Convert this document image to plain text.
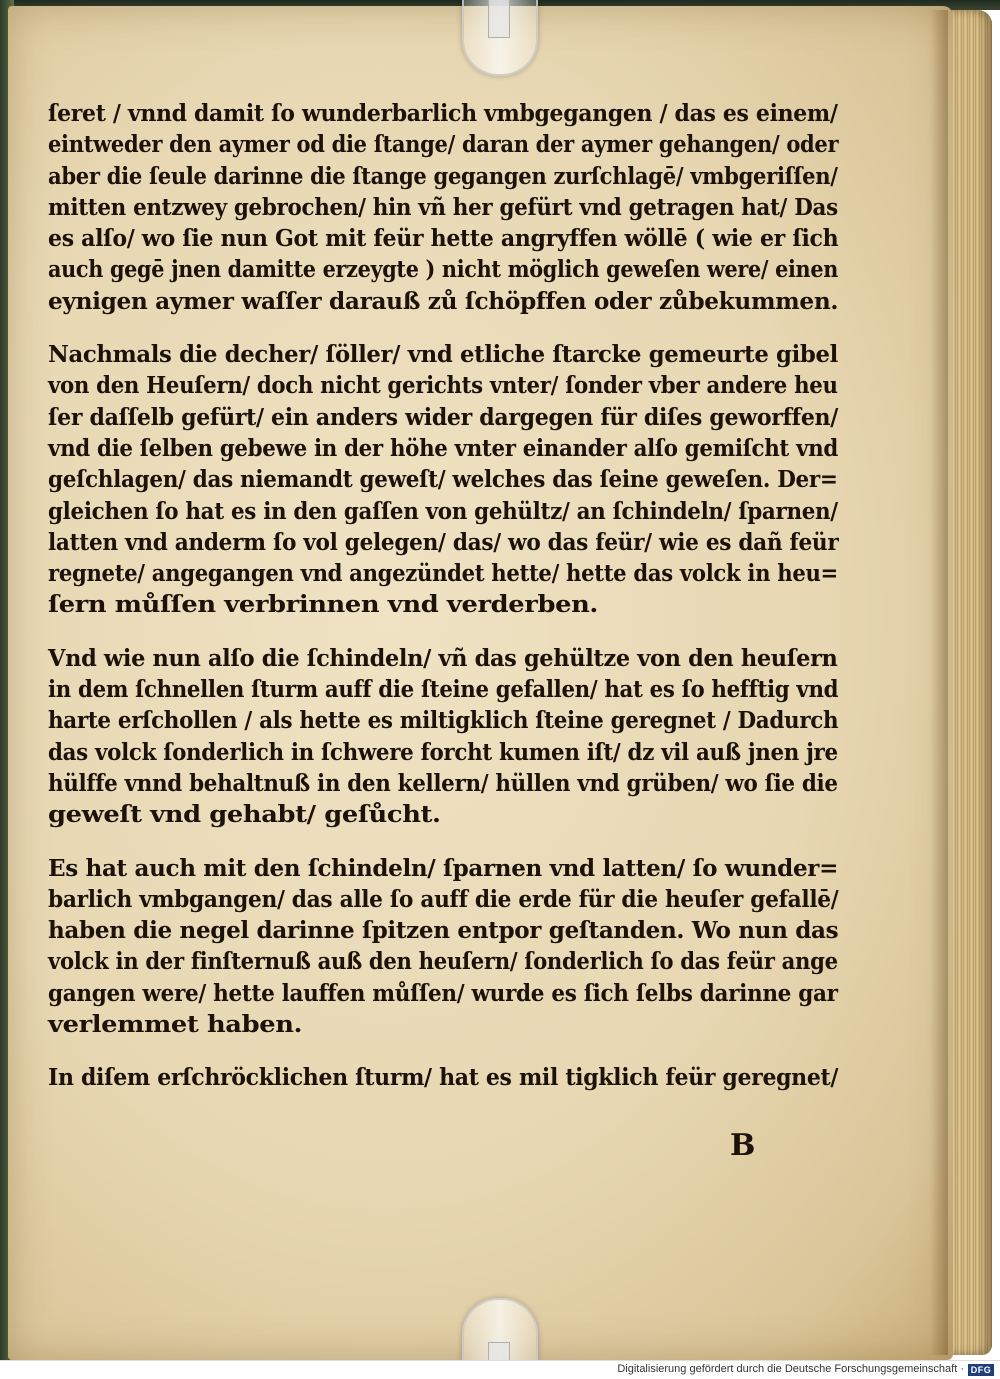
ſeret / vnnd damit ſo wunderbarlich vmbgegangen / das es einem/
eintweder den aymer od die ſtange/ daran der aymer gehangen/ oder
aber die ſeule darinne die ſtange gegangen zurſchlagē/ vmbgeriſſen/
mitten entzwey gebrochen/ hin vñ her gefürt vnd getragen hat/ Das
es alſo/ wo ſie nun Got mit feür hette angryffen wöllē ( wie er ſich
auch gegē jnen damitte erzeygte ) nicht möglich geweſen were/ einen
eynigen aymer waſſer darauß zů ſchöpffen oder zůbekummen.
Nachmals die decher/ ſöller/ vnd etliche ſtarcke gemeurte gibel
von den Heuſern/ doch nicht gerichts vnter/ ſonder vber andere heu
ſer daſſelb gefürt/ ein anders wider dargegen für diſes geworffen/
vnd die ſelben gebewe in der höhe vnter einander alſo gemiſcht vnd
geſchlagen/ das niemandt geweſt/ welches das ſeine geweſen. Der=
gleichen ſo hat es in den gaſſen von gehültz/ an ſchindeln/ ſparnen/
latten vnd anderm ſo vol gelegen/ das/ wo das feür/ wie es dañ feür
regnete/ angegangen vnd angezündet hette/ hette das volck in heu=
ſern můſſen verbrinnen vnd verderben.
Vnd wie nun alſo die ſchindeln/ vñ das gehültze von den heuſern
in dem ſchnellen ſturm auff die ſteine gefallen/ hat es ſo hefftig vnd
harte erſchollen / als hette es miltigklich ſteine geregnet / Dadurch
das volck ſonderlich in ſchwere forcht kumen iſt/ dz vil auß jnen jre
hülffe vnnd behaltnuß in den kellern/ hüllen vnd grüben/ wo ſie die
geweſt vnd gehabt/ geſůcht.
Es hat auch mit den ſchindeln/ ſparnen vnd latten/ ſo wunder=
barlich vmbgangen/ das alle ſo auff die erde für die heuſer gefallē/
haben die negel darinne ſpitzen entpor geſtanden. Wo nun das
volck in der finſternuß auß den heuſern/ ſonderlich ſo das feür ange
gangen were/ hette lauffen můſſen/ wurde es ſich ſelbs darinne gar
verlemmet haben.
In diſem erſchröcklichen ſturm/ hat es mil tigklich feür geregnet/
B
Digitalisierung gefördert durch die Deutsche Forschungsgemeinschaft · DFG
